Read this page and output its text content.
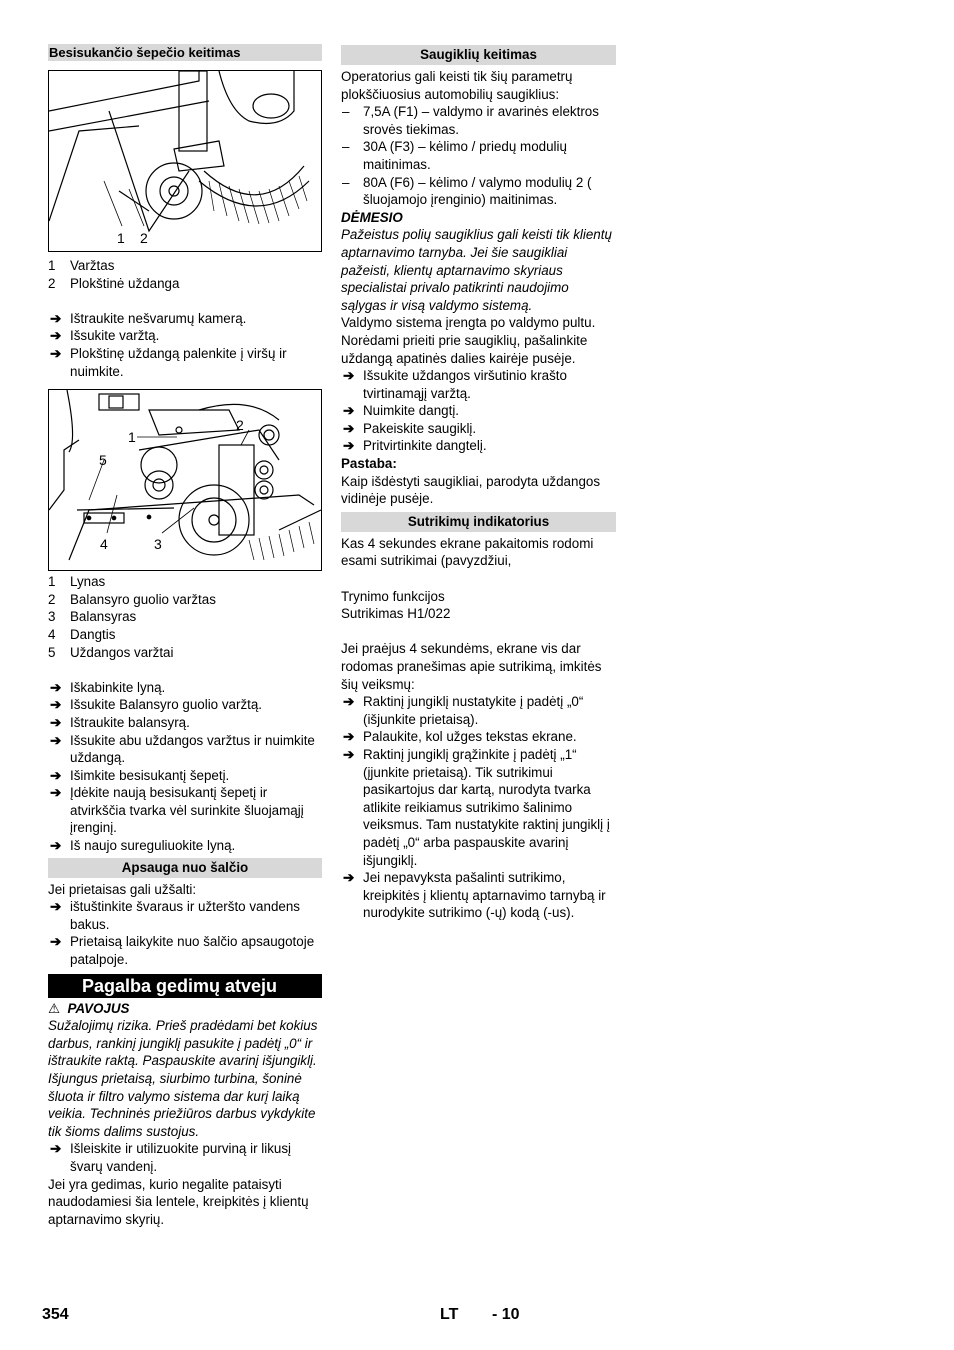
Besisukančio šepečio keitimas
1 2
1 Varžtas
2 Plokštinė uždanga
➔ Ištraukite nešvarumų kamerą.
➔ Išsukite varžtą.
➔ Plokštinę uždangą palenkite į viršų ir nuimkite.
1
2
5
4	3
1 Lynas
2 Balansyro guolio varžtas
3 Balansyras
4 Dangtis
5 Uždangos varžtai
➔ Iškabinkite lyną.
➔ Išsukite Balansyro guolio varžtą.
➔ Ištraukite balansyrą.
➔ Išsukite abu uždangos varžtus ir nuimkite uždangą.
➔ Išimkite besisukantį šepetį.
➔ Įdėkite naują besisukantį šepetį ir atvirkščia tvarka vėl surinkite šluojamąjį įrenginį.
➔ Iš naujo sureguliuokite lyną.
Apsauga nuo šalčio

Jei prietaisas gali užšalti:

➔ ištuštinkite švaraus ir užteršto vandens bakus.
➔ Prietaisą laikykite nuo šalčio apsaugotoje patalpoje.
Pagalba gedimų atveju

⚠ PAVOJUS

Sužalojimų rizika. Prieš pradėdami bet kokius darbus, rankinį jungiklį pasukite į padėtį „0“ ir ištraukite raktą. Paspauskite avarinį išjungiklį.

Išjungus prietaisą, siurbimo turbina, šoninė šluota ir filtro valymo sistema dar kurį laiką veikia. Techninės priežiūros darbus vykdykite tik šioms dalims sustojus.

➔ Išleiskite ir utilizuokite purviną ir likusį švarų vandenį.

Jei yra gedimas, kurio negalite pataisyti naudodamiesi šia lentele, kreipkitės į klientų aptarnavimo skyrių.

Saugiklių keitimas

Operatorius gali keisti tik šių parametrų plokščiuosius automobilių saugiklius:

– 7,5A (F1) – valdymo ir avarinės elektros srovės tiekimas.
– 30A (F3) – kėlimo / priedų modulių maitinimas.
– 80A (F6) – kėlimo / valymo modulių 2 ( šluojamojo įrenginio) maitinimas.

DĖMESIO

Pažeistus polių saugiklius gali keisti tik klientų aptarnavimo tarnyba. Jei šie saugikliai pažeisti, klientų aptarnavimo skyriaus specialistai privalo patikrinti naudojimo sąlygas ir visą valdymo sistemą.

Valdymo sistema įrengta po valdymo pultu. Norėdami prieiti prie saugiklių, pašalinkite uždangą apatinės dalies kairėje pusėje.

➔ Išsukite uždangos viršutinio krašto tvirtinamąjį varžtą.
➔ Nuimkite dangtį.
➔ Pakeiskite saugiklį.
➔ Pritvirtinkite dangtelį.

Pastaba:

Kaip išdėstyti saugikliai, parodyta uždangos vidinėje pusėje.

Sutrikimų indikatorius

Kas 4 sekundes ekrane pakaitomis rodomi esami sutrikimai (pavyzdžiui,

Trynimo funkcijos

Sutrikimas H1/022

Jei praėjus 4 sekundėms, ekrane vis dar rodomas pranešimas apie sutrikimą, imkitės šių veiksmų:

➔ Raktinį jungiklį nustatykite į padėtį „0“ (išjunkite prietaisą).
➔ Palaukite, kol užges tekstas ekrane.
➔ Raktinį jungiklį grąžinkite į padėtį „1“ (įjunkite prietaisą). Tik sutrikimui pasikartojus dar kartą, nurodyta tvarka atlikite reikiamus sutrikimo šalinimo veiksmus. Tam nustatykite raktinį jungiklį į padėtį „0“ arba paspauskite avarinį išjungiklį.
➔ Jei nepavyksta pašalinti sutrikimo, kreipkitės į klientų aptarnavimo tarnybą ir nurodykite sutrikimo (-ų) kodą (-us).
354	LT - 10
